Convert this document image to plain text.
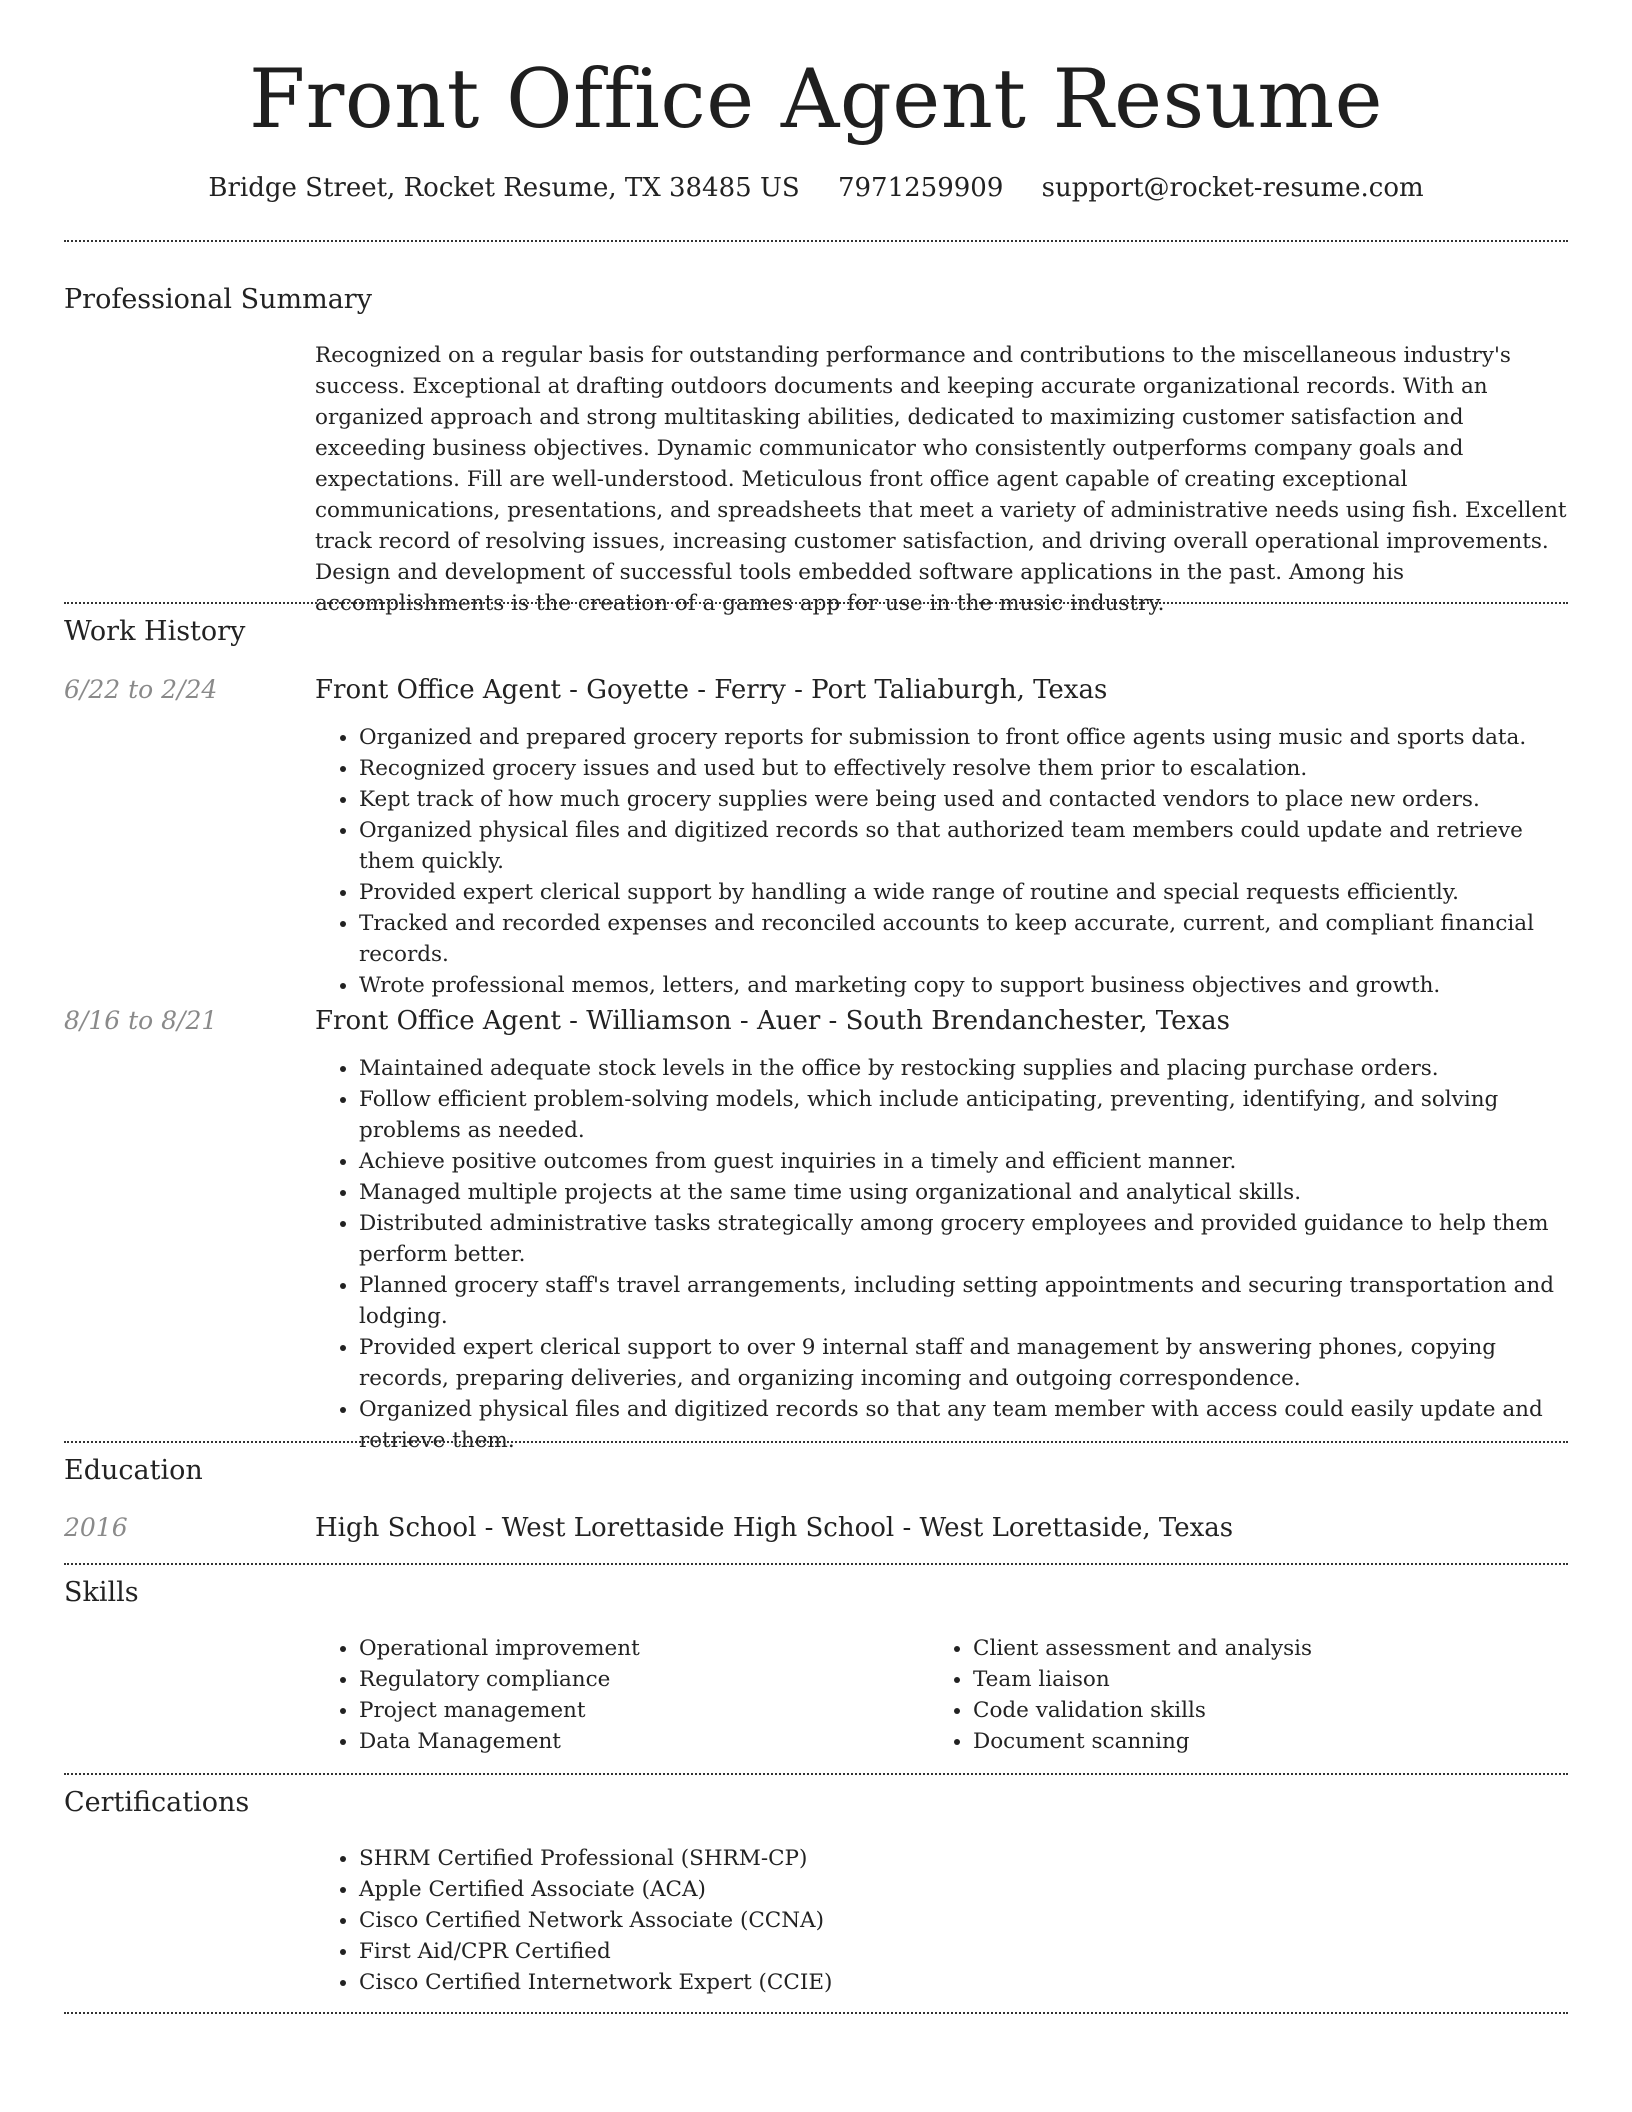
Front Office Agent Resume
Bridge Street, Rocket Resume, TX 38485 US 7971259909 support@rocket-resume.com
Professional Summary

Recognized on a regular basis for outstanding performance and contributions to the miscellaneous industry's success. Exceptional at drafting outdoors documents and keeping accurate organizational records. With an organized approach and strong multitasking abilities, dedicated to maximizing customer satisfaction and exceeding business objectives. Dynamic communicator who consistently outperforms company goals and expectations. Fill are well-understood. Meticulous front office agent capable of creating exceptional communications, presentations, and spreadsheets that meet a variety of administrative needs using fish. Excellent track record of resolving issues, increasing customer satisfaction, and driving overall operational improvements. Design and development of successful tools embedded software applications in the past. Among his accomplishments is the creation of a games app for use in the music industry.

Work History
6/22 to 2/24	Front Office Agent - Goyette - Ferry - Port Taliaburgh, Texas
• Organized and prepared grocery reports for submission to front office agents using music and sports data.
• Recognized grocery issues and used but to effectively resolve them prior to escalation.
• Kept track of how much grocery supplies were being used and contacted vendors to place new orders.
• Organized physical files and digitized records so that authorized team members could update and retrieve them quickly.
• Provided expert clerical support by handling a wide range of routine and special requests efficiently.
• Tracked and recorded expenses and reconciled accounts to keep accurate, current, and compliant financial records.
• Wrote professional memos, letters, and marketing copy to support business objectives and growth.
8/16 to 8/21	Front Office Agent - Williamson - Auer - South Brendanchester, Texas
• Maintained adequate stock levels in the office by restocking supplies and placing purchase orders.
• Follow efficient problem-solving models, which include anticipating, preventing, identifying, and solving problems as needed.
• Achieve positive outcomes from guest inquiries in a timely and efficient manner.
• Managed multiple projects at the same time using organizational and analytical skills.
• Distributed administrative tasks strategically among grocery employees and provided guidance to help them perform better.
• Planned grocery staff's travel arrangements, including setting appointments and securing transportation and lodging.
• Provided expert clerical support to over 9 internal staff and management by answering phones, copying records, preparing deliveries, and organizing incoming and outgoing correspondence.
• Organized physical files and digitized records so that any team member with access could easily update and retrieve them.
Education
2016	High School - West Lorettaside High School - West Lorettaside, Texas
Skills
• Operational improvement
• Regulatory compliance
• Project management
• Data Management
• Client assessment and analysis
• Team liaison
• Code validation skills
• Document scanning
Certifications
• SHRM Certified Professional (SHRM-CP)
• Apple Certified Associate (ACA)
• Cisco Certified Network Associate (CCNA)
• First Aid/CPR Certified
• Cisco Certified Internetwork Expert (CCIE)
